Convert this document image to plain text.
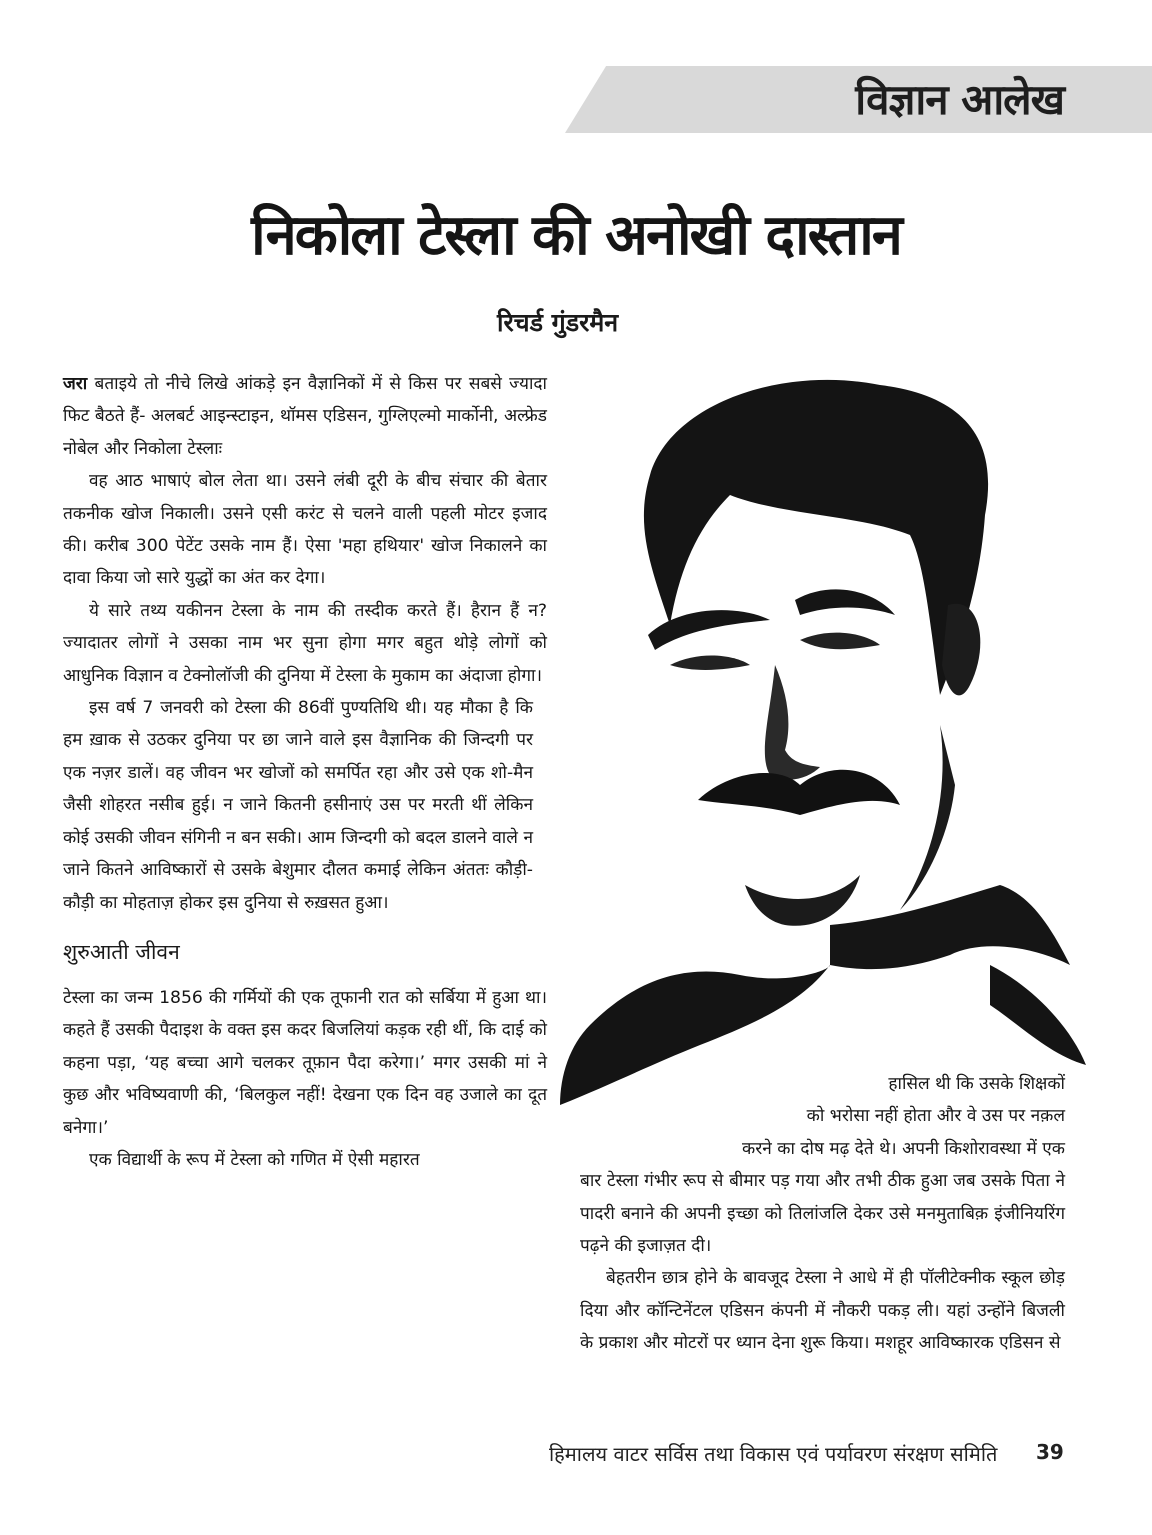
विज्ञान आलेख
निकोला टेस्ला की अनोखी दास्तान
रिचर्ड गुंडरमैन

जरा बताइये तो नीचे लिखे आंकड़े इन वैज्ञानिकों में से किस पर सबसे ज्यादा फिट बैठते हैं- अलबर्ट आइन्स्टाइन, थॉमस एडिसन, गुग्लिएल्मो मार्कोनी, अल्फ्रेड नोबेल और निकोला टेस्लाः

वह आठ भाषाएं बोल लेता था। उसने लंबी दूरी के बीच संचार की बेतार तकनीक खोज निकाली। उसने एसी करंट से चलने वाली पहली मोटर इजाद की। करीब 300 पेटेंट उसके नाम हैं। ऐसा 'महा हथियार' खोज निकालने का दावा किया जो सारे युद्धों का अंत कर देगा।

ये सारे तथ्य यकीनन टेस्ला के नाम की तस्दीक करते हैं। हैरान हैं न? ज्यादातर लोगों ने उसका नाम भर सुना होगा मगर बहुत थोड़े लोगों को आधुनिक विज्ञान व टेक्नोलॉजी की दुनिया में टेस्ला के मुकाम का अंदाजा होगा।

इस वर्ष 7 जनवरी को टेस्ला की 86वीं पुण्यतिथि थी। यह मौका है कि हम ख़ाक से उठकर दुनिया पर छा जाने वाले इस वैज्ञानिक की जिन्दगी पर एक नज़र डालें। वह जीवन भर खोजों को समर्पित रहा और उसे एक शो-मैन जैसी शोहरत नसीब हुई। न जाने कितनी हसीनाएं उस पर मरती थीं लेकिन कोई उसकी जीवन संगिनी न बन सकी। आम जिन्दगी को बदल डालने वाले न जाने कितने आविष्कारों से उसके बेशुमार दौलत कमाई लेकिन अंततः कौड़ी-कौड़ी का मोहताज़ होकर इस दुनिया से रुख़सत हुआ।

शुरुआती जीवन

टेस्ला का जन्म 1856 की गर्मियों की एक तूफानी रात को सर्बिया में हुआ था। कहते हैं उसकी पैदाइश के वक्त इस कदर बिजलियां कड़क रही थीं, कि दाई को कहना पड़ा, ‘यह बच्चा आगे चलकर तूफ़ान पैदा करेगा।’ मगर उसकी मां ने कुछ और भविष्यवाणी की, ‘बिलकुल नहीं! देखना एक दिन वह उजाले का दूत बनेगा।’

एक विद्यार्थी के रूप में टेस्ला को गणित में ऐसी महारत

हासिल थी कि उसके शिक्षकों
को भरोसा नहीं होता और वे उस पर नक़ल
करने का दोष मढ़ देते थे। अपनी किशोरावस्था में एक

बार टेस्ला गंभीर रूप से बीमार पड़ गया और तभी ठीक हुआ जब उसके पिता ने पादरी बनाने की अपनी इच्छा को तिलांजलि देकर उसे मनमुताबिक़ इंजीनियरिंग पढ़ने की इजाज़त दी।

बेहतरीन छात्र होने के बावजूद टेस्ला ने आधे में ही पॉलीटेक्नीक स्कूल छोड़ दिया और कॉन्टिनेंटल एडिसन कंपनी में नौकरी पकड़ ली। यहां उन्होंने बिजली के प्रकाश और मोटरों पर ध्यान देना शुरू किया। मशहूर आविष्कारक एडिसन से

हिमालय वाटर सर्विस तथा विकास एवं पर्यावरण संरक्षण समिति 39
